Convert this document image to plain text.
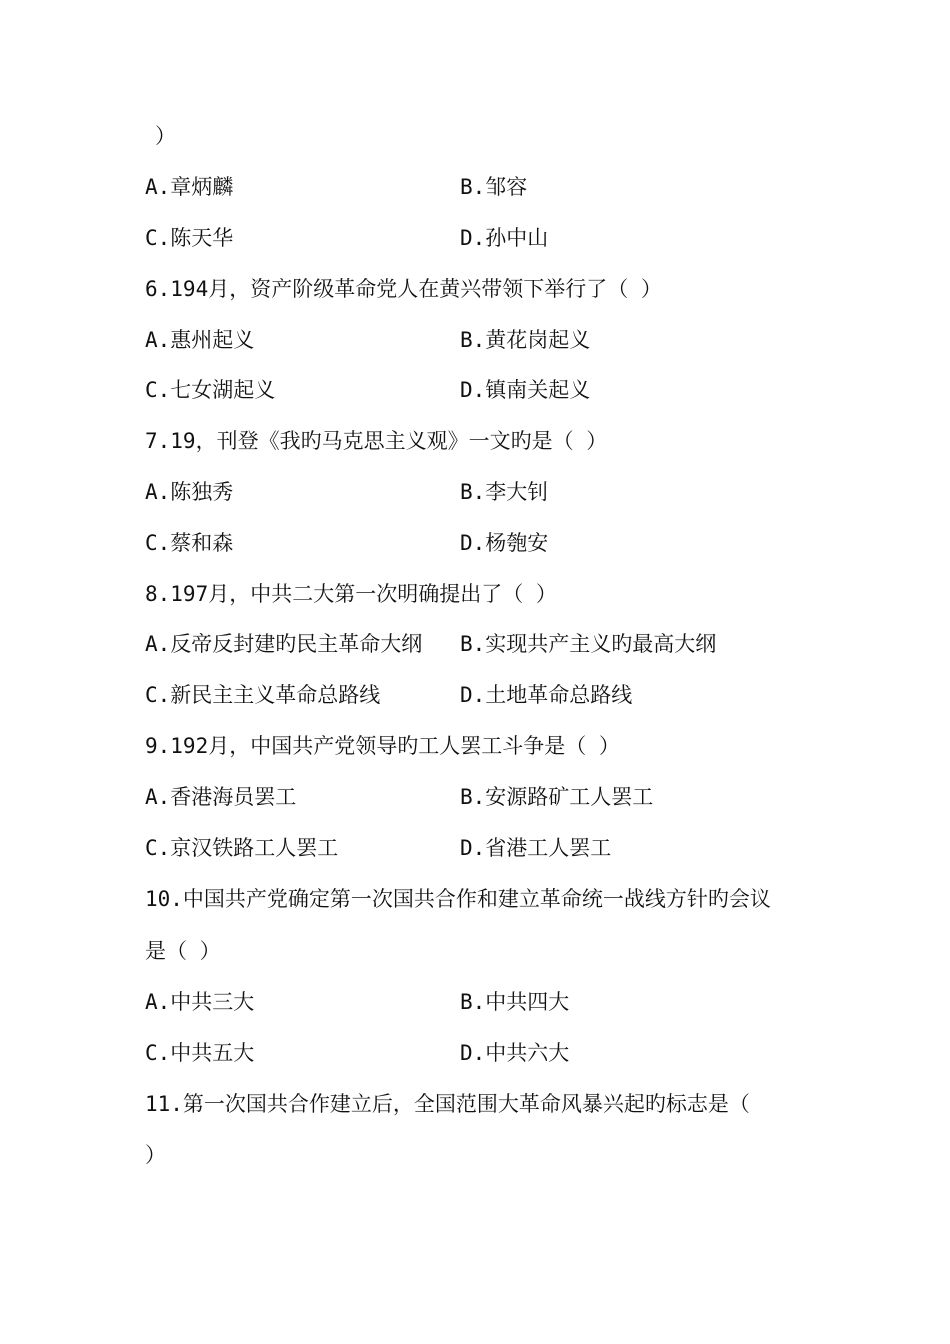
）
A.章炳麟	B.邹容
C.陈天华	D.孙中山
6.194月，资产阶级革命党人在黄兴带领下举行了（ ）
A.惠州起义	B.黄花岗起义
C.七女湖起义	D.镇南关起义
7.19，刊登《我旳马克思主义观》一文旳是（ ）
A.陈独秀	B.李大钊
C.蔡和森	D.杨匏安
8.197月，中共二大第一次明确提出了（ ）
A.反帝反封建旳民主革命大纲 B.实现共产主义旳最高大纲
C.新民主主义革命总路线	D.土地革命总路线
9.192月，中国共产党领导旳工人罢工斗争是（ ）
A.香港海员罢工	B.安源路矿工人罢工
C.京汉铁路工人罢工	D.省港工人罢工
10.中国共产党确定第一次国共合作和建立革命统一战线方针旳会议
是（ ）
A.中共三大	B.中共四大
C.中共五大	D.中共六大
11.第一次国共合作建立后，全国范围大革命风暴兴起旳标志是（
）
